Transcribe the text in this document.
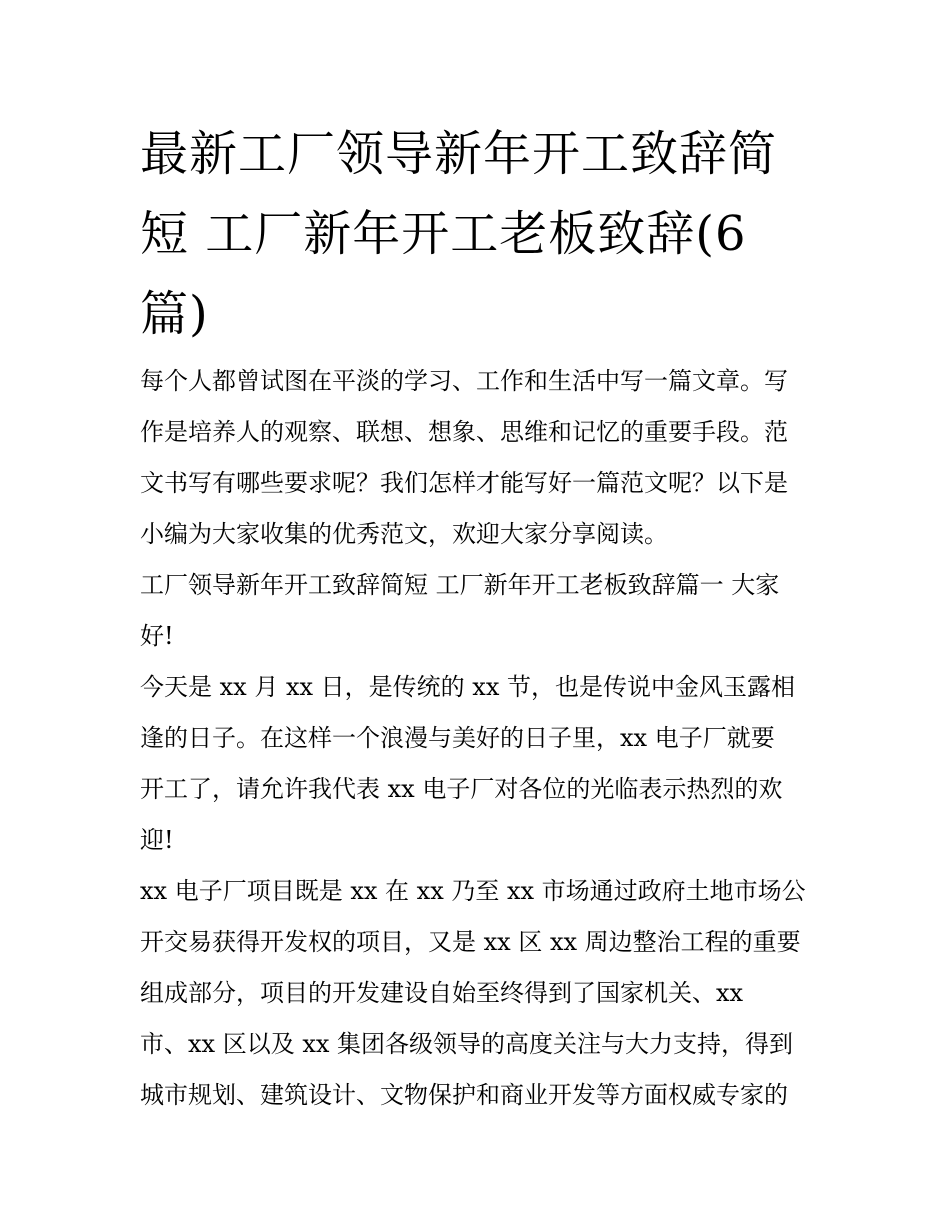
最新工厂领导新年开工致辞简短 工厂新年开工老板致辞(6篇)
每个人都曾试图在平淡的学习、工作和生活中写一篇文章。写
作是培养人的观察、联想、想象、思维和记忆的重要手段。范
文书写有哪些要求呢？我们怎样才能写好一篇范文呢？以下是
小编为大家收集的优秀范文，欢迎大家分享阅读。
工厂领导新年开工致辞简短 工厂新年开工老板致辞篇一 大家
好!
今天是 xx 月 xx 日，是传统的 xx 节，也是传说中金风玉露相
逢的日子。在这样一个浪漫与美好的日子里，xx 电子厂就要
开工了，请允许我代表 xx 电子厂对各位的光临表示热烈的欢
迎!
xx 电子厂项目既是 xx 在 xx 乃至 xx 市场通过政府土地市场公
开交易获得开发权的项目，又是 xx 区 xx 周边整治工程的重要
组成部分，项目的开发建设自始至终得到了国家机关、xx
市、xx 区以及 xx 集团各级领导的高度关注与大力支持，得到
城市规划、建筑设计、文物保护和商业开发等方面权威专家的
